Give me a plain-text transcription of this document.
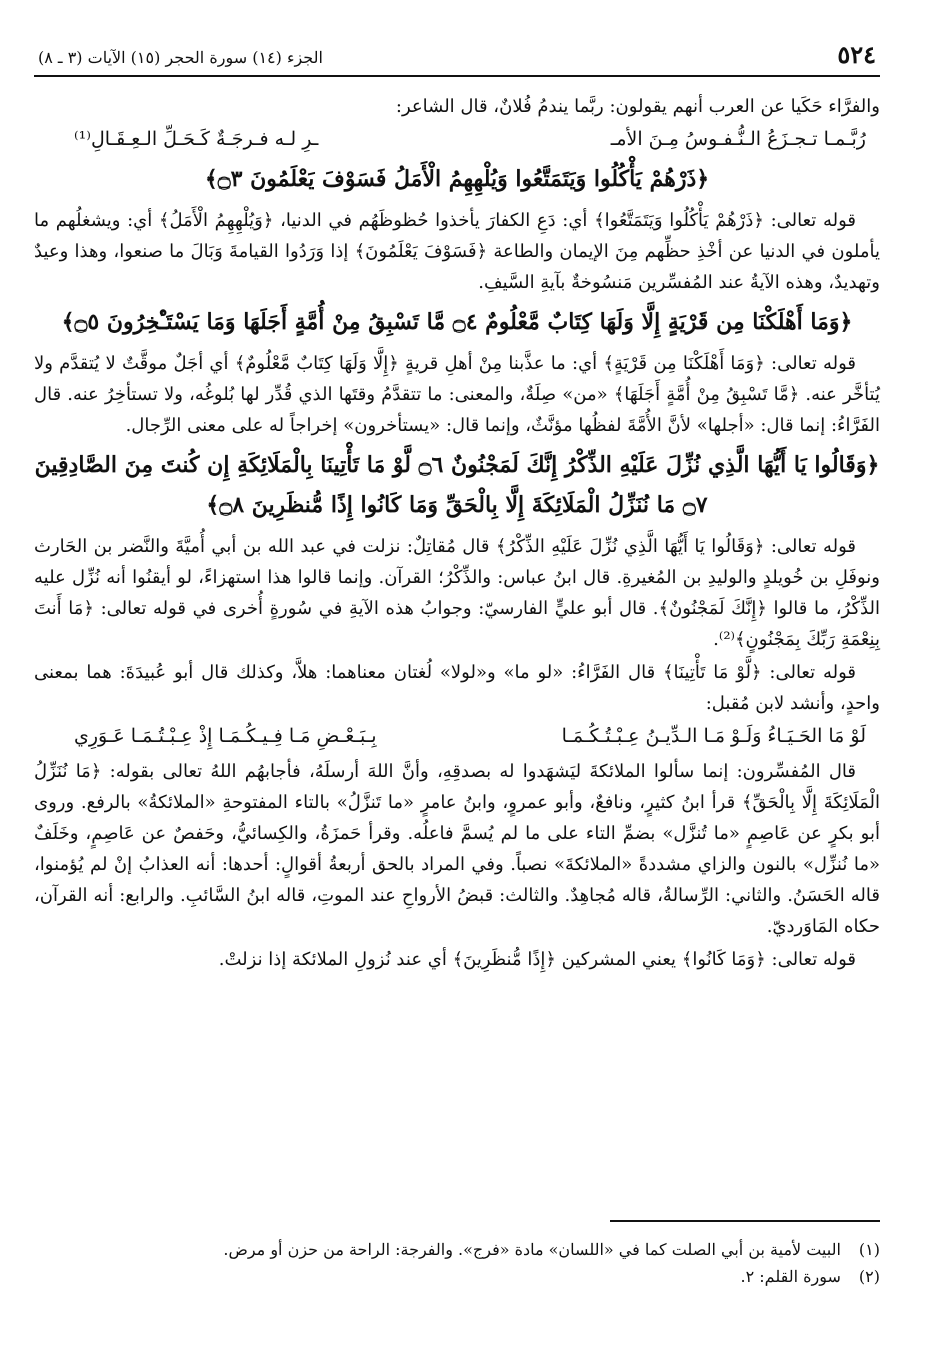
٥٢٤
الجزء (١٤) سورة الحجر (١٥) الآيات (٣ ـ ٨)

والفرَّاء حَكَيا عن العرب أنهم يقولون: ربَّما يندمُ فُلانٌ، قال الشاعر:

رُبَّـمـا تـجـزَعُ الـنُّـفـوسُ مِـنَ الأمـ
ـرِ لـه فـرجَـةٌ كَـحَـلِّ الـعِـقَـالِ⁽¹⁾
﴿ذَرْهُمْ يَأْكُلُوا وَيَتَمَتَّعُوا وَيُلْهِهِمُ الْأَمَلُ فَسَوْفَ يَعْلَمُونَ ۝٣﴾

قوله تعالى: ﴿ذَرْهُمْ يَأْكُلُوا وَيَتَمَتَّعُوا﴾ أي: دَعِ الكفارَ يأخذوا حُظوظَهُم في الدنيا، ﴿وَيُلْهِهِمُ الْأَمَلُ﴾ أي: ويشغلُهم ما يأملون في الدنيا عن أخْذِ حظِّهم مِنَ الإيمان والطاعة ﴿فَسَوْفَ يَعْلَمُونَ﴾ إذا وَرَدُوا القيامةَ وَبَالَ ما صنعوا، وهذا وعيدٌ وتهديدٌ، وهذه الآيةُ عند المُفسِّرين مَنسُوخةٌ بآيةِ السَّيفِ.

﴿وَمَا أَهْلَكْنَا مِن قَرْيَةٍ إِلَّا وَلَهَا كِتَابٌ مَّعْلُومٌ ۝٤ مَّا تَسْبِقُ مِنْ أُمَّةٍ أَجَلَهَا وَمَا يَسْتَـْٔخِرُونَ ۝٥﴾

قوله تعالى: ﴿وَمَا أَهْلَكْنَا مِن قَرْيَةٍ﴾ أي: ما عذَّبنا مِنْ أهلِ قريةٍ ﴿إِلَّا وَلَهَا كِتَابٌ مَّعْلُومٌ﴾ أي أجَلٌ موقَّتٌ لا يُتقدَّم ولا يُتأخَّر عنه. ﴿مَّا تَسْبِقُ مِنْ أُمَّةٍ أَجَلَهَا﴾ «من» صِلَةٌ، والمعنى: ما تتقدَّمُ وقتَها الذي قُدِّر لها بُلوغُه، ولا تستأخِرُ عنه. قال الفَرَّاءُ: إنما قال: «أجلها» لأنَّ الأُمَّةَ لفظُها مؤنَّثٌ، وإنما قال: «يستأخرون» إخراجاً له على معنى الرِّجال.

﴿وَقَالُوا يَا أَيُّهَا الَّذِي نُزِّلَ عَلَيْهِ الذِّكْرُ إِنَّكَ لَمَجْنُونٌ ۝٦ لَّوْ مَا تَأْتِينَا بِالْمَلَائِكَةِ إِن كُنتَ مِنَ الصَّادِقِينَ ۝٧ مَا نُنَزِّلُ الْمَلَائِكَةَ إِلَّا بِالْحَقِّ وَمَا كَانُوا إِذًا مُّنظَرِينَ ۝٨﴾

قوله تعالى: ﴿وَقَالُوا يَا أَيُّهَا الَّذِي نُزِّلَ عَلَيْهِ الذِّكْرُ﴾ قال مُقاتِلٌ: نزلت في عبد الله بن أبي أُميَّةَ والنَّضر بن الحَارث ونوفَلِ بن خُويلدٍ والوليدِ بن المُغيرةِ. قال ابنُ عباس: والذِّكْرُ؛ القرآن. وإنما قالوا هذا استهزاءً، لو أيقنُوا أنه نُزِّل عليه الذِّكْرُ، ما قالوا ﴿إِنَّكَ لَمَجْنُونٌ﴾. قال أبو عليٍّ الفارسيّ: وجوابُ هذه الآيةِ في سُورةٍ أُخرى في قوله تعالى: ﴿مَا أَنتَ بِنِعْمَةِ رَبِّكَ بِمَجْنُونٍ﴾⁽²⁾.

قوله تعالى: ﴿لَّوْ مَا تَأْتِينَا﴾ قال الفَرَّاءُ: «لو ما» و«لولا» لُغتان معناهما: هلاَّ، وكذلك قال أبو عُبيدَةَ: هما بمعنى واحدٍ، وأنشد لابن مُقبل:

لَوْ مَا الحَـيَـاءُ وَلَـوْ مَـا الـدِّيـنُ عِـبْـتُـكُـمَـا
بِـبَـعْـضِ مَـا فِـيـكُـمَـا إِذْ عِـبْـتُـمَـا عَـوَرِي

قال المُفسِّرون: إنما سألوا الملائكةَ ليَشهَدوا له بصدقِهِ، وأنَّ اللهَ أرسلَهُ، فأجابهُم اللهُ تعالى بقوله: ﴿مَا نُنَزِّلُ الْمَلَائِكَةَ إِلَّا بِالْحَقِّ﴾ قرأ ابنُ كثيرٍ، ونافعٌ، وأبو عمروٍ، وابنُ عامرٍ «ما تَنزَّلُ» بالتاء المفتوحةِ «الملائكةُ» بالرفع. وروى أبو بكرٍ عن عَاصِمٍ «ما تُنزَّل» بضمِّ التاء على ما لم يُسمَّ فاعلُه. وقرأ حَمزَةُ، والكِسائيُّ، وحَفصٌ عن عَاصِمٍ، وخَلَفٌ «ما نُنزِّل» بالنون والزاي مشددةً «الملائكةَ» نصباً. وفي المراد بالحق أربعةُ أقوالٍ: أحدها: أنه العذابُ إنْ لم يُؤمنوا، قاله الحَسَنُ. والثاني: الرِّسالةُ، قاله مُجاهِدٌ. والثالث: قبضُ الأرواحِ عند الموتِ، قاله ابنُ السَّائبِ. والرابع: أنه القرآن، حكاه المَاوَرديّ.

قوله تعالى: ﴿وَمَا كَانُوا﴾ يعني المشركين ﴿إِذًا مُّنظَرِينَ﴾ أي عند نُزولِ الملائكة إذا نزلتْ.

(١)
البيت لأمية بن أبي الصلت كما في «اللسان» مادة «فرج». والفرجة: الراحة من حزن أو مرض.
(٢)
سورة القلم: ٢.
